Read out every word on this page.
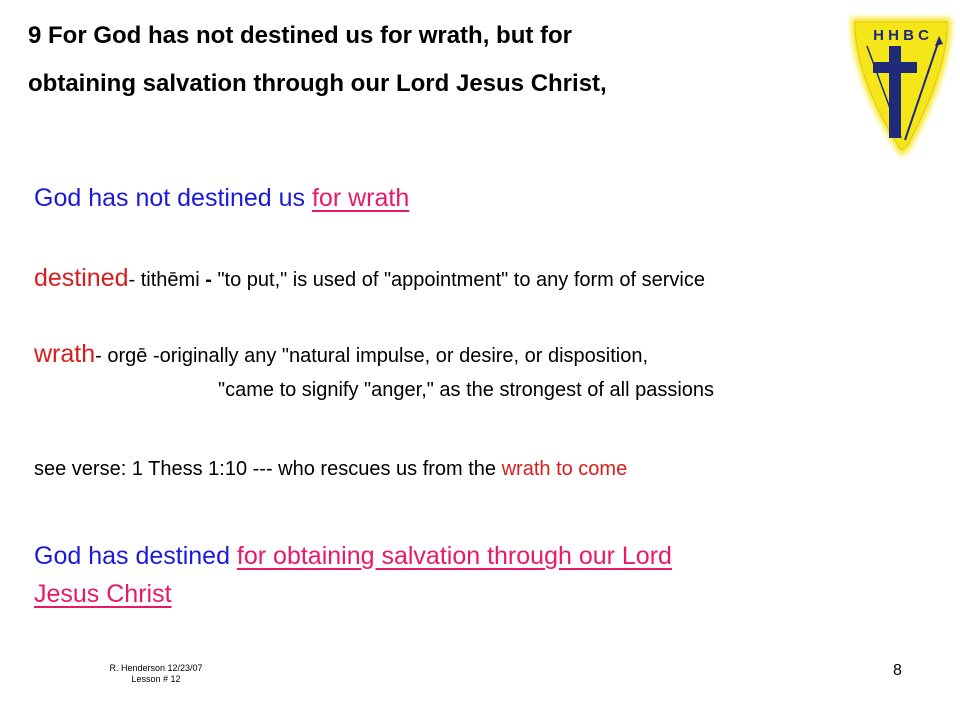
9 For God has not destined us for wrath, but for
obtaining salvation through our Lord Jesus Christ,
H H B C
God has not destined us for wrath
destined- tithēmi - "to put," is used of "appointment" to any form of service
wrath- orgē -originally any "natural impulse, or desire, or disposition,
"came to signify "anger," as the strongest of all passions
see verse: 1 Thess 1:10 --- who rescues us from the wrath to come
God has destined for obtaining salvation through our Lord
Jesus Christ
R. Henderson 12/23/07
Lesson # 12	8
